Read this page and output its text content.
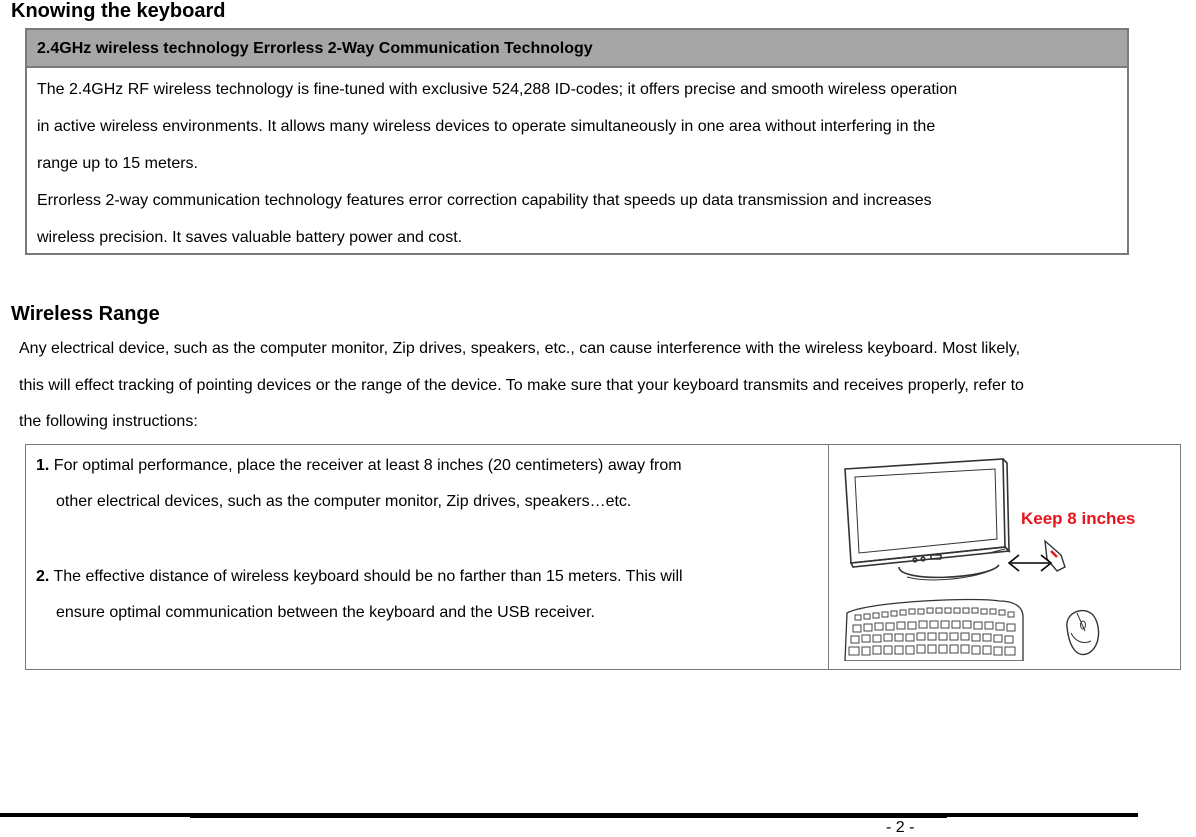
Knowing the keyboard
2.4GHz wireless technology Errorless 2-Way Communication Technology

The 2.4GHz RF wireless technology is fine-tuned with exclusive 524,288 ID-codes; it offers precise and smooth wireless operation

in active wireless environments. It allows many wireless devices to operate simultaneously in one area without interfering in the

range up to 15 meters.

Errorless 2-way communication technology features error correction capability that speeds up data transmission and increases

wireless precision. It saves valuable battery power and cost.

Wireless Range
Any electrical device, such as the computer monitor, Zip drives, speakers, etc., can cause interference with the wireless keyboard. Most likely,
this will effect tracking of pointing devices or the range of the device. To make sure that your keyboard transmits and receives properly, refer to
the following instructions:
1. For optimal performance, place the receiver at least 8 inches (20 centimeters) away from
other electrical devices, such as the computer monitor, Zip drives, speakers…etc.
2. The effective distance of wireless keyboard should be no farther than 15 meters. This will
ensure optimal communication between the keyboard and the USB receiver.
Keep 8 inches
- 2 -
